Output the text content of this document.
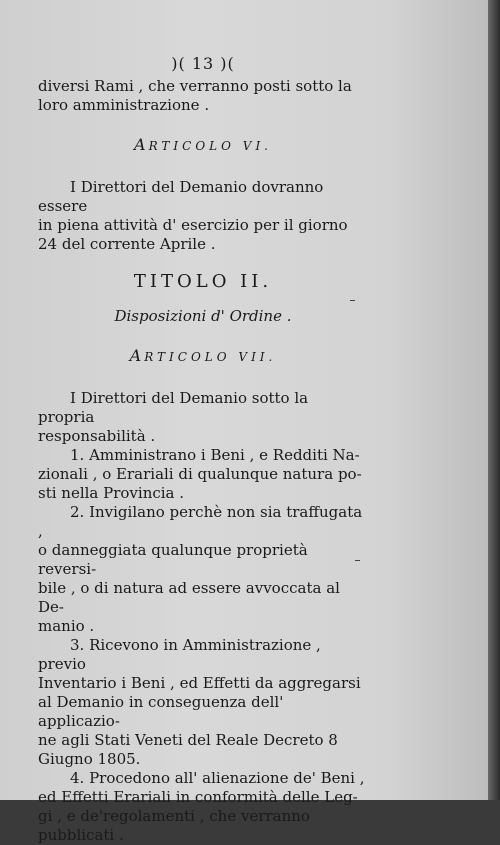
)( 13 )(

diversi Rami , che verranno posti sotto la

loro amministrazione .

ARTICOLO VI.

I Direttori del Demanio dovranno essere

in piena attività d' esercizio per il giorno

24 del corrente Aprile .

TITOLO II.

Disposizioni d' Ordine .

ARTICOLO VII.

I Direttori del Demanio sotto la propria

responsabilità .

1. Amministrano i Beni , e Redditi Na-

zionali , o Erariali di qualunque natura po-

sti nella Provincia .

2. Invigilano perchè non sia traffugata ,

o danneggiata qualunque proprietà reversi-

bile , o di natura ad essere avvoccata al De-

manio .

3. Ricevono in Amministrazione , previo

Inventario i Beni , ed Effetti da aggregarsi

al Demanio in conseguenza dell' applicazio-

ne agli Stati Veneti del Reale Decreto 8

Giugno 1805.

4. Procedono all' alienazione de' Beni ,

ed Effetti Erariali in conformità delle Leg-

gi , e de'regolamenti , che verranno pubblicati .
